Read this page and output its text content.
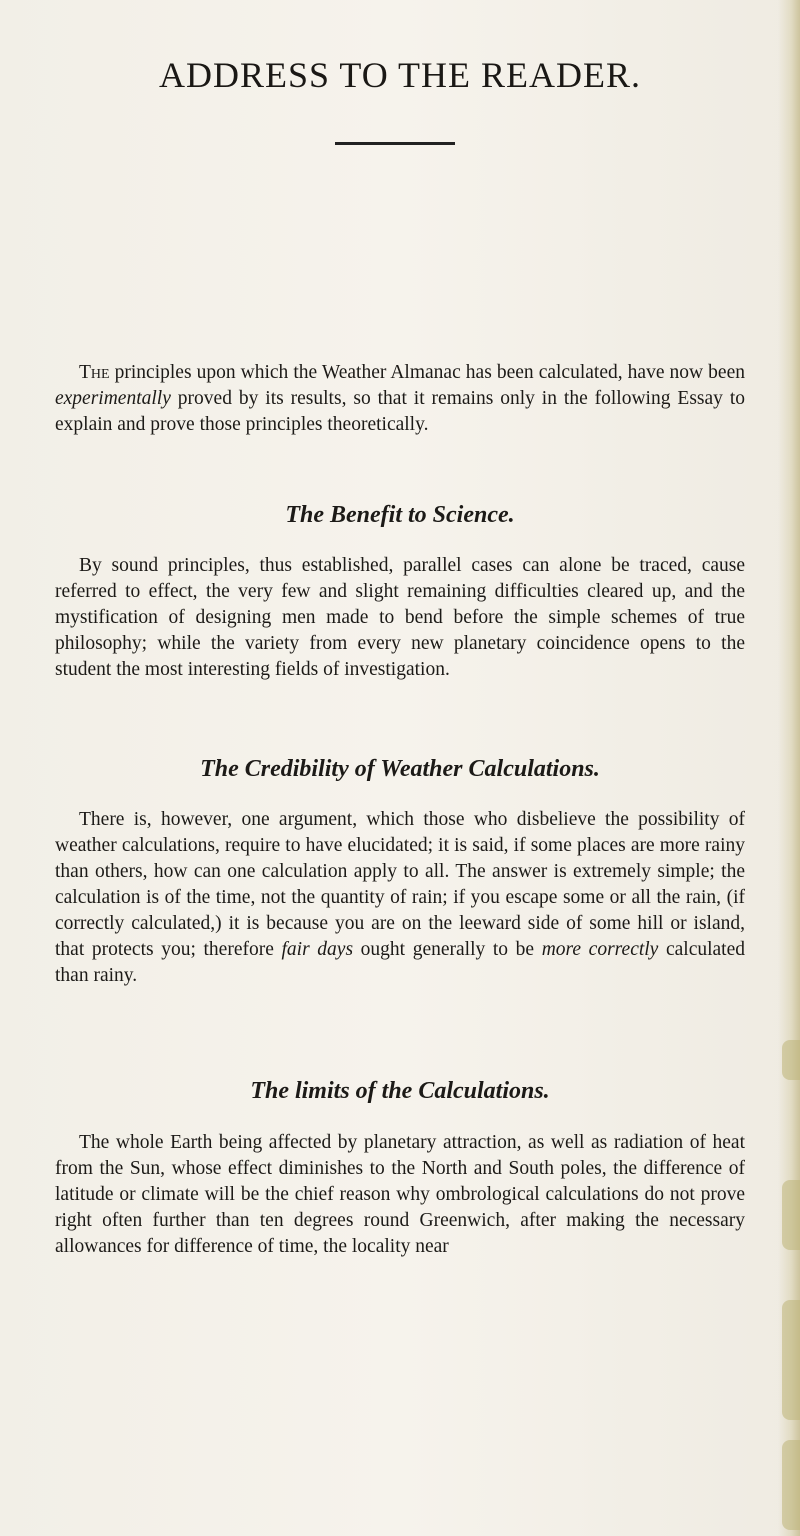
ADDRESS TO THE READER.

The principles upon which the Weather Almanac has been calculated, have now been experimentally proved by its results, so that it remains only in the following Essay to explain and prove those principles theoretically.

The Benefit to Science.

By sound principles, thus established, parallel cases can alone be traced, cause referred to effect, the very few and slight remaining difficulties cleared up, and the mystification of designing men made to bend before the simple schemes of true philosophy; while the variety from every new planetary coincidence opens to the student the most interesting fields of investigation.

The Credibility of Weather Calculations.

There is, however, one argument, which those who disbelieve the possibility of weather calculations, require to have elucidated; it is said, if some places are more rainy than others, how can one calculation apply to all. The answer is extremely simple; the calculation is of the time, not the quantity of rain; if you escape some or all the rain, (if correctly calculated,) it is because you are on the leeward side of some hill or island, that protects you; therefore fair days ought generally to be more correctly calculated than rainy.

The limits of the Calculations.

The whole Earth being affected by planetary attraction, as well as radiation of heat from the Sun, whose effect diminishes to the North and South poles, the difference of latitude or climate will be the chief reason why ombrological calculations do not prove right often further than ten degrees round Greenwich, after making the necessary allowances for difference of time, the locality near
